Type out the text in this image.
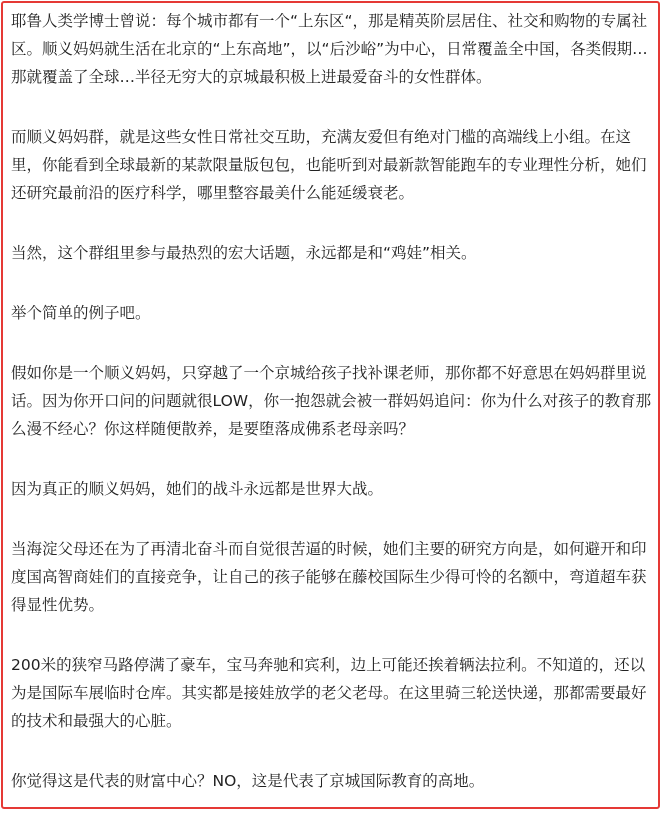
耶鲁人类学博士曾说：每个城市都有一个“上东区“，那是精英阶层居住、社交和购物的专属社区。顺义妈妈就生活在北京的“上东高地”，以“后沙峪”为中心，日常覆盖全中国，各类假期…那就覆盖了全球…半径无穷大的京城最积极上进最爱奋斗的女性群体。

而顺义妈妈群，就是这些女性日常社交互助，充满友爱但有绝对门槛的高端线上小组。在这里，你能看到全球最新的某款限量版包包，也能听到对最新款智能跑车的专业理性分析，她们还研究最前沿的医疗科学，哪里整容最美什么能延缓衰老。

当然，这个群组里参与最热烈的宏大话题，永远都是和“鸡娃”相关。

举个简单的例子吧。

假如你是一个顺义妈妈，只穿越了一个京城给孩子找补课老师，那你都不好意思在妈妈群里说话。因为你开口问的问题就很LOW，你一抱怨就会被一群妈妈追问：你为什么对孩子的教育那么漫不经心？你这样随便散养，是要堕落成佛系老母亲吗？

因为真正的顺义妈妈，她们的战斗永远都是世界大战。

当海淀父母还在为了再清北奋斗而自觉很苦逼的时候，她们主要的研究方向是，如何避开和印度国高智商娃们的直接竞争，让自己的孩子能够在藤校国际生少得可怜的名额中，弯道超车获得显性优势。

200米的狭窄马路停满了豪车，宝马奔驰和宾利，边上可能还挨着辆法拉利。不知道的，还以为是国际车展临时仓库。其实都是接娃放学的老父老母。在这里骑三轮送快递，那都需要最好的技术和最强大的心脏。

你觉得这是代表的财富中心？NO，这是代表了京城国际教育的高地。
